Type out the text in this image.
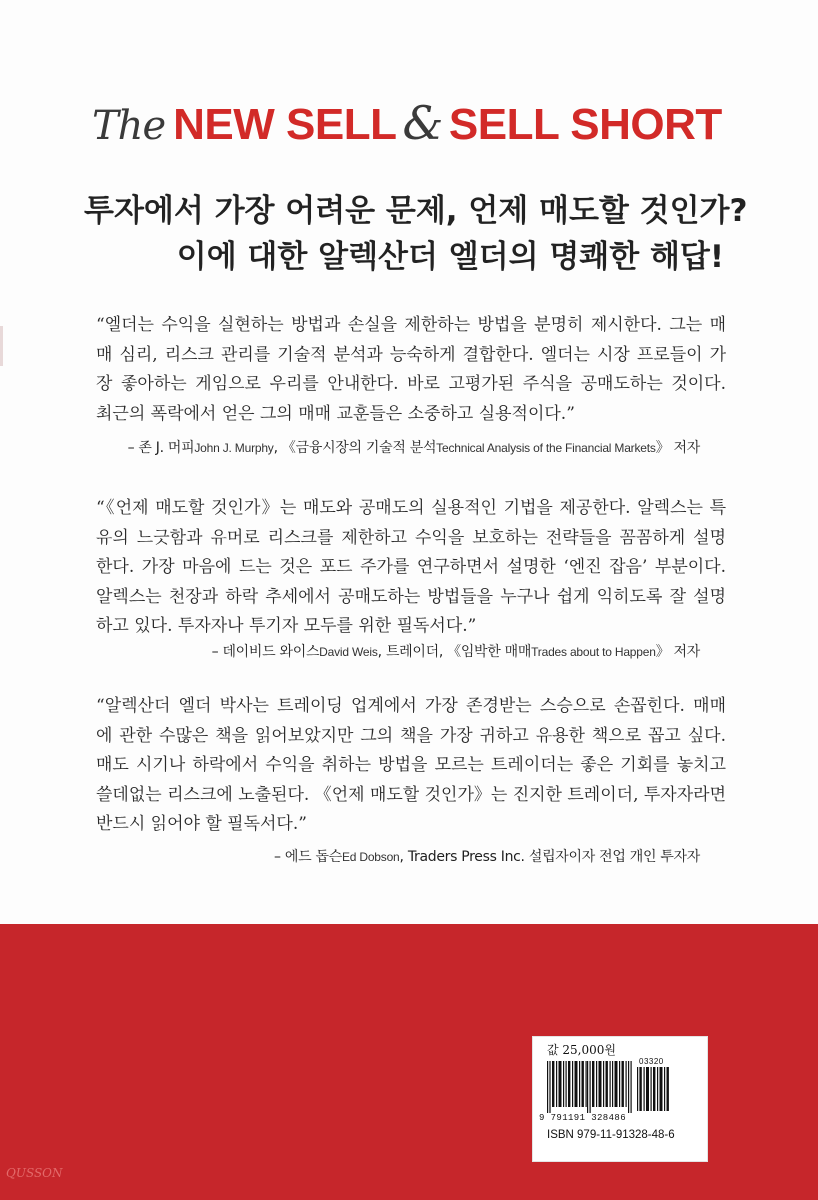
The NEW SELL & SELL SHORT
투자에서 가장 어려운 문제, 언제 매도할 것인가?
이에 대한 알렉산더 엘더의 명쾌한 해답!
“엘더는 수익을 실현하는 방법과 손실을 제한하는 방법을 분명히 제시한다. 그는 매
매 심리, 리스크 관리를 기술적 분석과 능숙하게 결합한다. 엘더는 시장 프로들이 가
장 좋아하는 게임으로 우리를 안내한다. 바로 고평가된 주식을 공매도하는 것이다.
최근의 폭락에서 얻은 그의 매매 교훈들은 소중하고 실용적이다.”
– 존 J. 머피John J. Murphy, 《금융시장의 기술적 분석Technical Analysis of the Financial Markets》 저자
“《언제 매도할 것인가》는 매도와 공매도의 실용적인 기법을 제공한다. 알렉스는 특
유의 느긋함과 유머로 리스크를 제한하고 수익을 보호하는 전략들을 꼼꼼하게 설명
한다. 가장 마음에 드는 것은 포드 주가를 연구하면서 설명한 ‘엔진 잡음’ 부분이다.
알렉스는 천장과 하락 추세에서 공매도하는 방법들을 누구나 쉽게 익히도록 잘 설명
하고 있다. 투자자나 투기자 모두를 위한 필독서다.”
– 데이비드 와이스David Weis, 트레이더, 《임박한 매매Trades about to Happen》 저자
“알렉산더 엘더 박사는 트레이딩 업계에서 가장 존경받는 스승으로 손꼽힌다. 매매
에 관한 수많은 책을 읽어보았지만 그의 책을 가장 귀하고 유용한 책으로 꼽고 싶다.
매도 시기나 하락에서 수익을 취하는 방법을 모르는 트레이더는 좋은 기회를 놓치고
쓸데없는 리스크에 노출된다. 《언제 매도할 것인가》는 진지한 트레이더, 투자자라면
반드시 읽어야 할 필독서다.”
– 에드 돕슨Ed Dobson, Traders Press Inc. 설립자이자 전업 개인 투자자
값 25,000원
03320
9 791191 328486
ISBN 979-11-91328-48-6
QUSSON
